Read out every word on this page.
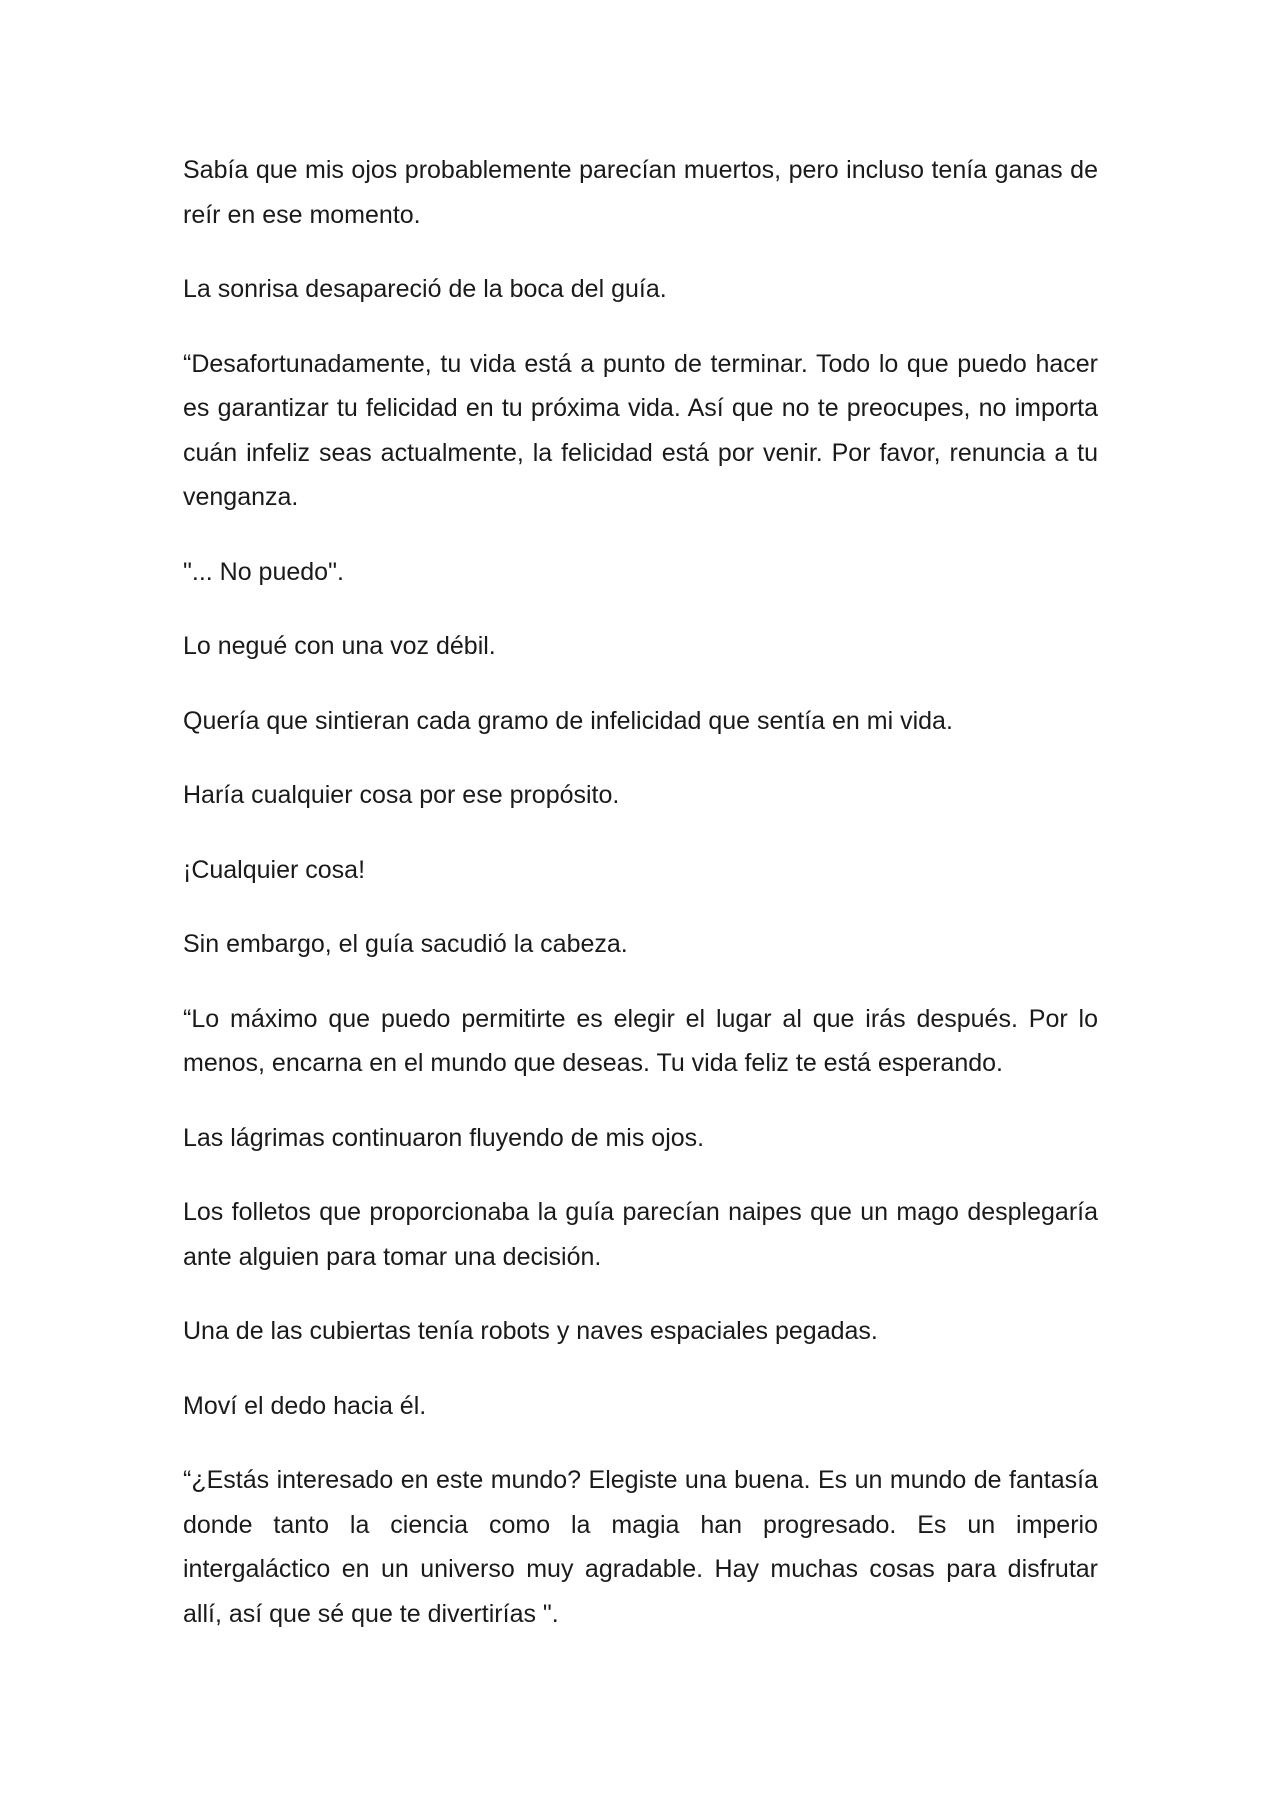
Sabía que mis ojos probablemente parecían muertos, pero incluso tenía ganas de reír en ese momento.

La sonrisa desapareció de la boca del guía.

“Desafortunadamente, tu vida está a punto de terminar. Todo lo que puedo hacer es garantizar tu felicidad en tu próxima vida. Así que no te preocupes, no importa cuán infeliz seas actualmente, la felicidad está por venir. Por favor, renuncia a tu venganza.

"... No puedo".

Lo negué con una voz débil.

Quería que sintieran cada gramo de infelicidad que sentía en mi vida.

Haría cualquier cosa por ese propósito.

¡Cualquier cosa!

Sin embargo, el guía sacudió la cabeza.

“Lo máximo que puedo permitirte es elegir el lugar al que irás después. Por lo menos, encarna en el mundo que deseas. Tu vida feliz te está esperando.

Las lágrimas continuaron fluyendo de mis ojos.

Los folletos que proporcionaba la guía parecían naipes que un mago desplegaría ante alguien para tomar una decisión.

Una de las cubiertas tenía robots y naves espaciales pegadas.

Moví el dedo hacia él.

“¿Estás interesado en este mundo? Elegiste una buena. Es un mundo de fantasía donde tanto la ciencia como la magia han progresado. Es un imperio intergaláctico en un universo muy agradable. Hay muchas cosas para disfrutar allí, así que sé que te divertirías ".
